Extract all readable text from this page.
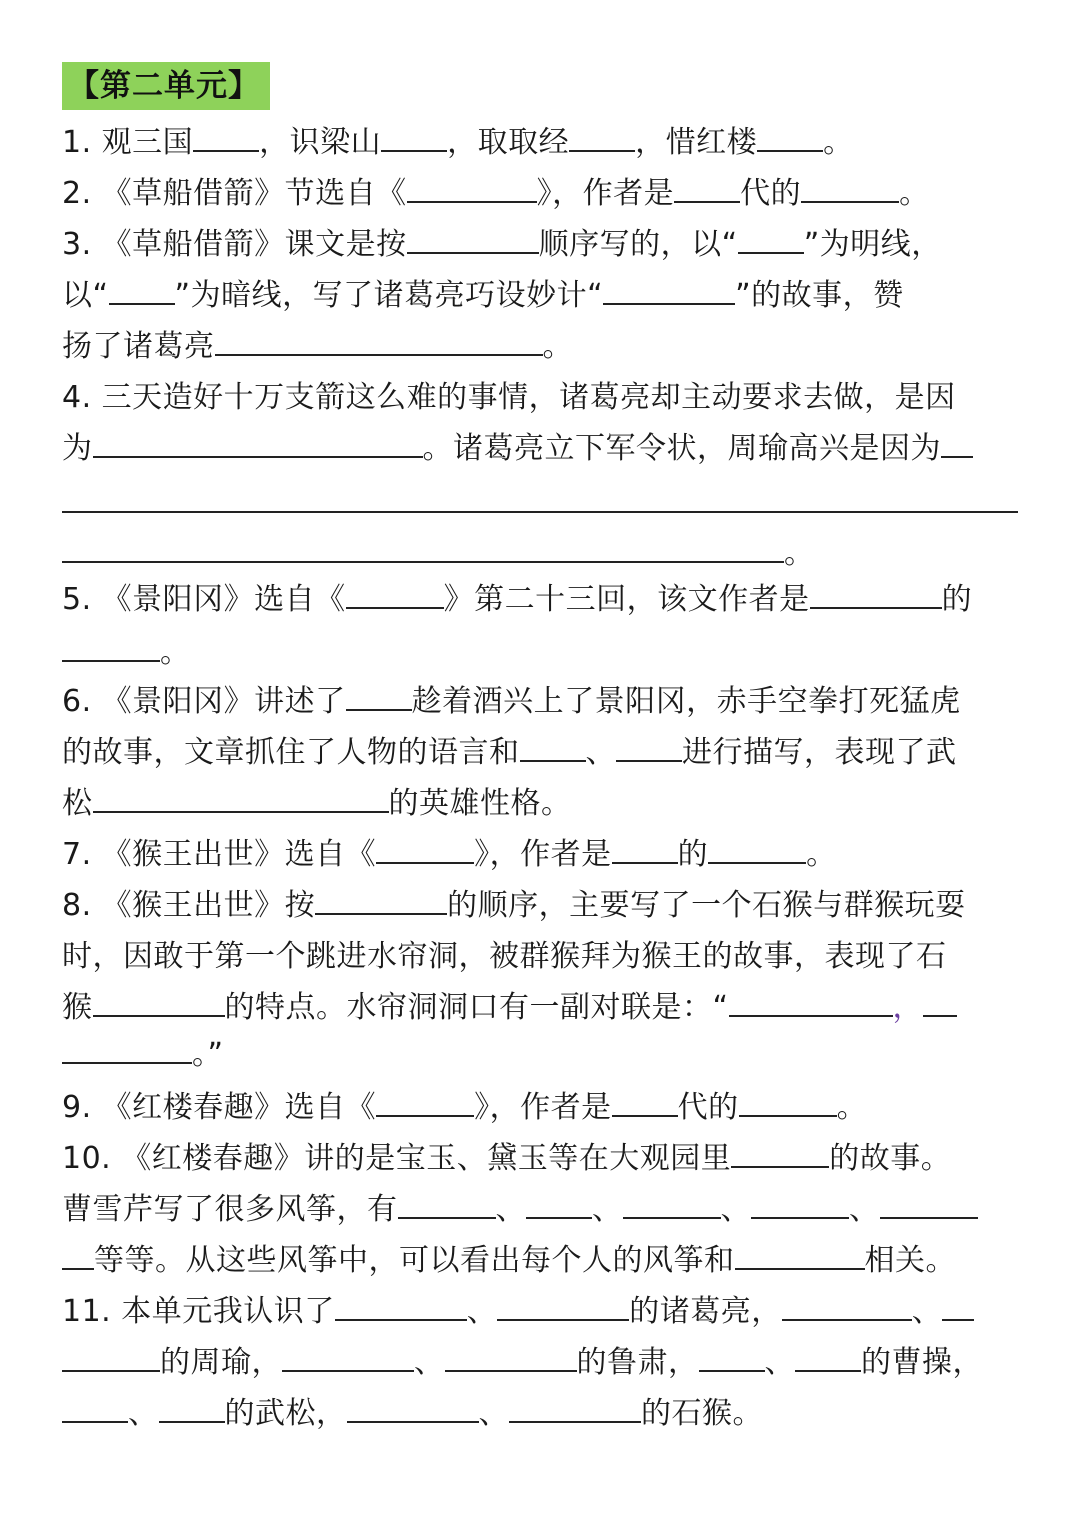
【第二单元】
1. 观三国 ，识梁山 ，取取经 ，惜红楼 。
2. 《草船借箭》节选自《	》，作者是 代的	。
3. 《草船借箭》课文是按	顺序写的，以“ ”为明线，
以“ ”为暗线，写了诸葛亮巧设妙计“	”的故事，赞
扬了诸葛亮	。
4. 三天造好十万支箭这么难的事情，诸葛亮却主动要求去做，是因
为	。诸葛亮立下军令状，周瑜高兴是因为
。
5. 《景阳冈》选自《	》第二十三回，该文作者是	的
。
6. 《景阳冈》讲述了 趁着酒兴上了景阳冈，赤手空拳打死猛虎
的故事，文章抓住了人物的语言和 、 进行描写，表现了武
松	的英雄性格。
7. 《猴王出世》选自《	》，作者是 的	。
8. 《猴王出世》按	的顺序，主要写了一个石猴与群猴玩耍
时，因敢于第一个跳进水帘洞，被群猴拜为猴王的故事，表现了石
猴	的特点。水帘洞洞口有一副对联是：“	，
。”
9. 《红楼春趣》选自《	》，作者是 代的	。
10. 《红楼春趣》讲的是宝玉、黛玉等在大观园里	的故事。
曹雪芹写了很多风筝，有	、 、	、	、
等等。从这些风筝中，可以看出每个人的风筝和	相关。
11. 本单元我认识了	、	的诸葛亮，	、
的周瑜，	、	的鲁肃， 、 的曹操，
、 的武松，	、	的石猴。
